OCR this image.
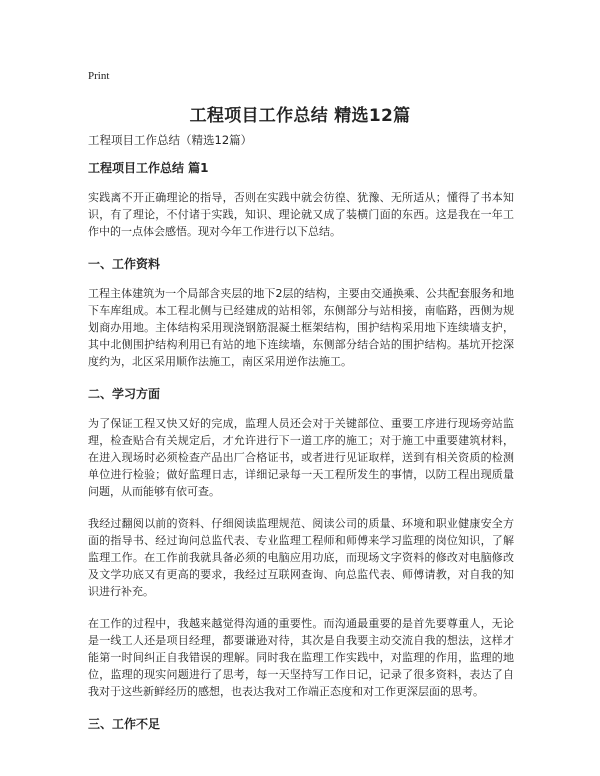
Print
工程项目工作总结 精选12篇
工程项目工作总结（精选12篇）
工程项目工作总结 篇1

实践离不开正确理论的指导，否则在实践中就会彷徨、犹豫、无所适从；懂得了书本知识，有了理论，不付诸于实践，知识、理论就又成了装横门面的东西。这是我在一年工作中的一点体会感悟。现对今年工作进行以下总结。

一、工作资料

工程主体建筑为一个局部含夹层的地下2层的结构，主要由交通换乘、公共配套服务和地下车库组成。本工程北侧与已经建成的站相邻，东侧部分与站相接，南临路，西侧为规划商办用地。主体结构采用现浇钢筋混凝土框架结构，围护结构采用地下连续墙支护，其中北侧围护结构利用已有站的地下连续墙，东侧部分结合站的围护结构。基坑开挖深度约为，北区采用顺作法施工，南区采用逆作法施工。

二、学习方面

为了保证工程又快又好的完成，监理人员还会对于关键部位、重要工序进行现场旁站监理，检查贴合有关规定后，才允许进行下一道工序的施工；对于施工中重要建筑材料，在进入现场时必须检查产品出厂合格证书，或者进行见证取样，送到有相关资质的检测单位进行检验；做好监理日志，详细记录每一天工程所发生的事情，以防工程出现质量问题，从而能够有依可查。

我经过翻阅以前的资料、仔细阅读监理规范、阅读公司的质量、环境和职业健康安全方面的指导书、经过询问总监代表、专业监理工程师和师傅来学习监理的岗位知识，了解监理工作。在工作前我就具备必须的电脑应用功底，而现场文字资料的修改对电脑修改及文学功底又有更高的要求，我经过互联网查询、向总监代表、师傅请教，对自我的知识进行补充。

在工作的过程中，我越来越觉得沟通的重要性。而沟通最重要的是首先要尊重人，无论是一线工人还是项目经理，都要谦逊对待，其次是自我要主动交流自我的想法，这样才能第一时间纠正自我错误的理解。同时我在监理工作实践中，对监理的作用，监理的地位，监理的现实问题进行了思考，每一天坚持写工作日记，记录了很多资料，表达了自我对于这些新鲜经历的感想，也表达我对工作端正态度和对工作更深层面的思考。

三、工作不足
